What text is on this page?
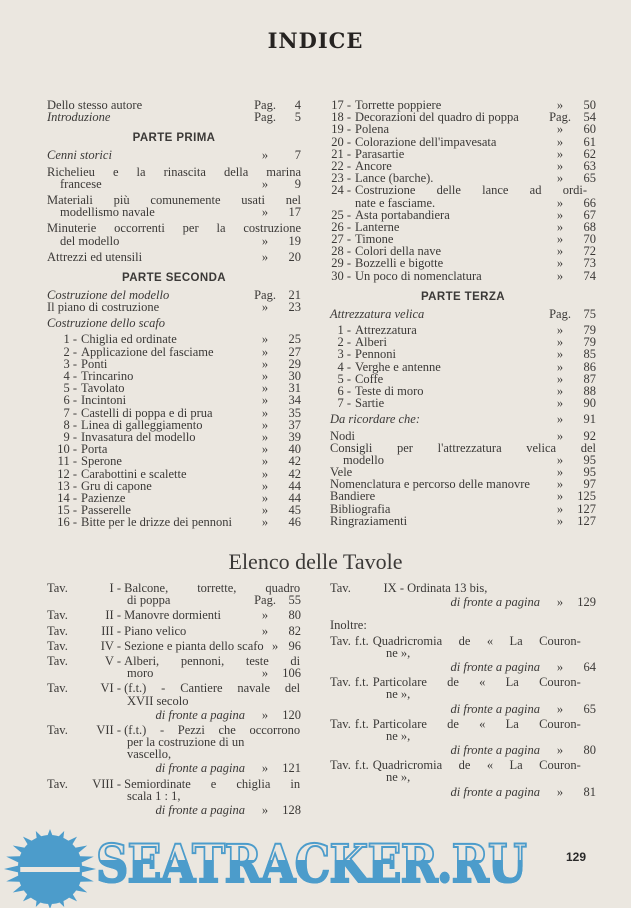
INDICE
Dello stesso autore	Pag.	4
Introduzione	Pag.	5
PARTE PRIMA
Cenni storici	»	7
Richelieu e la rinascita della marina
francese	»	9
Materiali più comunemente usati nel
modellismo navale	»	17
Minuterie occorrenti per la costruzione
del modello	»	19
Attrezzi ed utensili	»	20
PARTE SECONDA
Costruzione del modello	Pag.	21
Il piano di costruzione	»	23
Costruzione dello scafo
1 - Chiglia ed ordinate	»	25
2 - Applicazione del fasciame	»	27
3 - Ponti	»	29
4 - Trincarino	»	30
5 - Tavolato	»	31
6 - Incintoni	»	34
7 - Castelli di poppa e di prua	»	35
8 - Linea di galleggiamento	»	37
9 - Invasatura del modello	»	39
10 - Porta	»	40
11 - Sperone	»	42
12 - Carabottini e scalette	»	42
13 - Gru di capone	»	44
14 - Pazienze	»	44
15 - Passerelle	»	45
16 - Bitte per le drizze dei pennoni	»	46
17 - Torrette poppiere	»	50
18 - Decorazioni del quadro di poppa	Pag.	54
19 - Polena	»	60
20 - Colorazione dell'impavesata	»	61
21 - Parasartie	»	62
22 - Ancore	»	63
23 - Lance (barche).	»	65
24 - Costruzione delle lance ad ordi-
nate e fasciame.	»	66
25 - Asta portabandiera	»	67
26 - Lanterne	»	68
27 - Timone	»	70
28 - Colori della nave	»	72
29 - Bozzelli e bigotte	»	73
30 - Un poco di nomenclatura	»	74
PARTE TERZA
Attrezzatura velica	Pag.	75
1 - Attrezzatura	»	79
2 - Alberi	»	79
3 - Pennoni	»	85
4 - Verghe e antenne	»	86
5 - Coffe	»	87
6 - Teste di moro	»	88
7 - Sartie	»	90
Da ricordare che:	»	91
Nodi	»	92
Consigli per l'attrezzatura velica del
modello	»	95
Vele	»	95
Nomenclatura e percorso delle manovre	»	97
Bandiere	»	125
Bibliografia	»	127
Ringraziamenti	»	127
Elenco delle Tavole
Tav.	I - Balcone, torrette, quadro
di poppa	Pag.	55
Tav.	II - Manovre dormienti	»	80
Tav.	III - Piano velico	»	82
Tav.	IV - Sezione e pianta dello scafo » 96
Tav.	V - Alberi, pennoni, teste di
moro	»	106
Tav.	VI - (f.t.) - Cantiere navale del
XVII secolo
di fronte a pagina	»	120
Tav. VII - (f.t.) - Pezzi che occorrono
per la costruzione di un
vascello,
di fronte a pagina	»	121
Tav. VIII - Semiordinate e chiglia in
scala 1 : 1,
di fronte a pagina	»	128
Tav.	IX - Ordinata 13 bis,
di fronte a pagina	»	129
Inoltre:
Tav. f.t. Quadricromia de « La Couron-
ne »,
di fronte a pagina	»	64
Tav. f.t. Particolare de « La Couron-
ne »,
di fronte a pagina	»	65
Tav. f.t. Particolare de « La Couron-
ne »,
di fronte a pagina	»	80
Tav. f.t. Quadricromia de « La Couron-
ne »,
di fronte a pagina	»	81
SEATRACKER.RU	129
